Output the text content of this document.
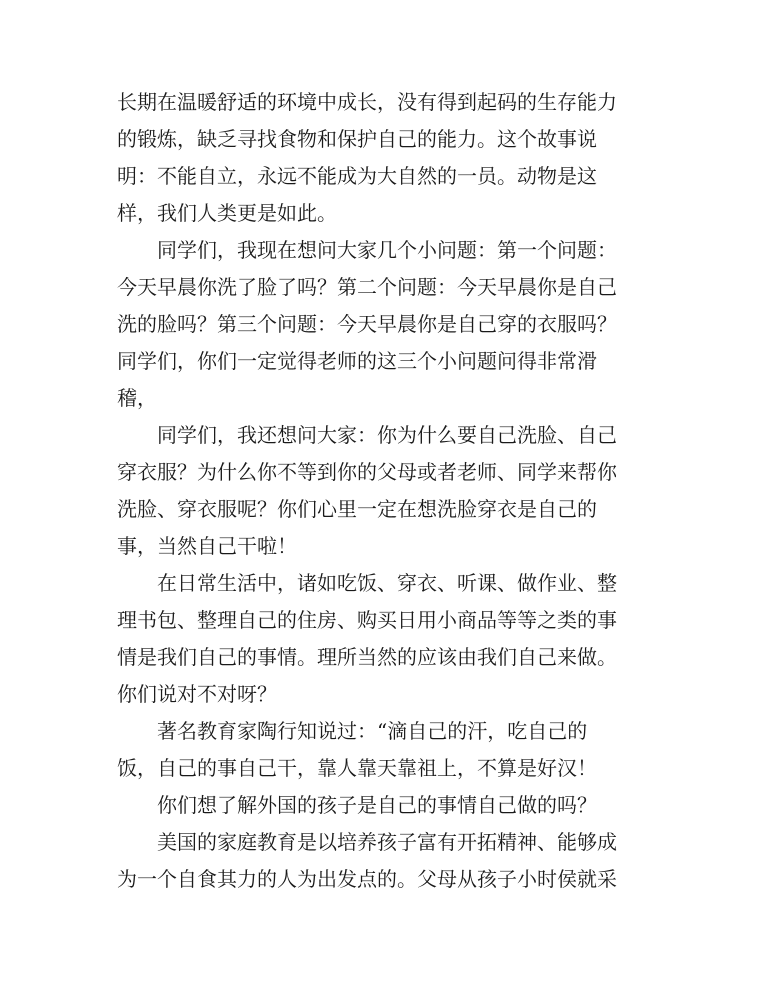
长期在温暖舒适的环境中成长，没有得到起码的生存能力
的锻炼，缺乏寻找食物和保护自己的能力。这个故事说
明：不能自立，永远不能成为大自然的一员。动物是这
样，我们人类更是如此。
同学们，我现在想问大家几个小问题：第一个问题：
今天早晨你洗了脸了吗？第二个问题：今天早晨你是自己
洗的脸吗？第三个问题：今天早晨你是自己穿的衣服吗？
同学们，你们一定觉得老师的这三个小问题问得非常滑
稽，
同学们，我还想问大家：你为什么要自己洗脸、自己
穿衣服？为什么你不等到你的父母或者老师、同学来帮你
洗脸、穿衣服呢？你们心里一定在想洗脸穿衣是自己的
事，当然自己干啦！
在日常生活中，诸如吃饭、穿衣、听课、做作业、整
理书包、整理自己的住房、购买日用小商品等等之类的事
情是我们自己的事情。理所当然的应该由我们自己来做。
你们说对不对呀？
著名教育家陶行知说过：“滴自己的汗，吃自己的
饭，自己的事自己干，靠人靠天靠祖上，不算是好汉！
你们想了解外国的孩子是自己的事情自己做的吗？
美国的家庭教育是以培养孩子富有开拓精神、能够成
为一个自食其力的人为出发点的。父母从孩子小时侯就采
